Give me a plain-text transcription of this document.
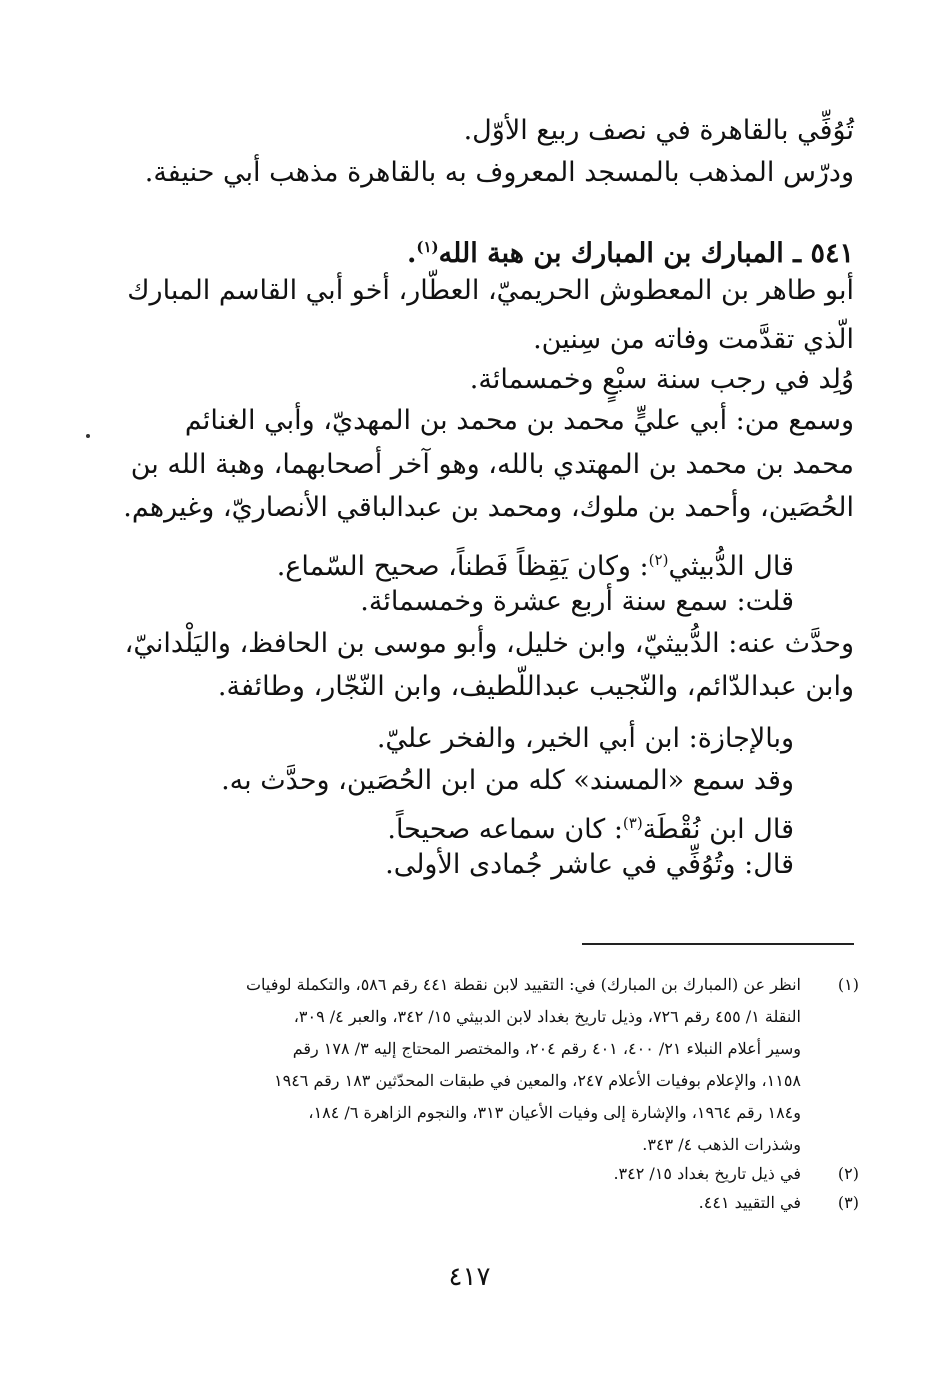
تُوُفِّي بالقاهرة في نصف ربيع الأوّل.
ودرّس المذهب بالمسجد المعروف به بالقاهرة مذهب أبي حنيفة.
٥٤١ ـ المبارك بن المبارك بن هبة الله$^{(١)}$.
أبو طاهر بن المعطوش الحريميّ، العطّار، أخو أبي القاسم المبارك
الّذي تقدَّمت وفاته من سِنين.
وُلِد في رجب سنة سبْعٍ وخمسمائة.
وسمع من: أبي عليٍّ محمد بن محمد بن المهديّ، وأبي الغنائم
محمد بن محمد بن المهتدي بالله، وهو آخر أصحابهما، وهبة الله بن
الحُصَين، وأحمد بن ملوك، ومحمد بن عبدالباقي الأنصاريّ، وغيرهم.
قال الدُّبيثي$^{(٢)}$: وكان يَقِظاً فَطناً، صحيح السّماع.
قلت: سمع سنة أربع عشرة وخمسمائة.
وحدَّث عنه: الدُّبيثيّ، وابن خليل، وأبو موسى بن الحافظ، واليَلْدانيّ،
وابن عبدالدّائم، والنّجيب عبداللّطيف، وابن النّجّار، وطائفة.
وبالإجازة: ابن أبي الخير، والفخر عليّ.
وقد سمع «المسند» كله من ابن الحُصَين، وحدَّث به.
قال ابن نُقْطَة$^{(٣)}$: كان سماعه صحيحاً.
قال: وتُوُفِّي في عاشر جُمادى الأولى.
(١)
انظر عن (المبارك بن المبارك) في: التقييد لابن نقطة ٤٤١ رقم ٥٨٦، والتكملة لوفيات
النقلة ١/ ٤٥٥ رقم ٧٢٦، وذيل تاريخ بغداد لابن الدبيثي ١٥/ ٣٤٢، والعبر ٤/ ٣٠٩،
وسير أعلام النبلاء ٢١/ ٤٠٠، ٤٠١ رقم ٢٠٤، والمختصر المحتاج إليه ٣/ ١٧٨ رقم
١١٥٨، والإعلام بوفيات الأعلام ٢٤٧، والمعين في طبقات المحدّثين ١٨٣ رقم ١٩٤٦
و١٨٤ رقم ١٩٦٤، والإشارة إلى وفيات الأعيان ٣١٣، والنجوم الزاهرة ٦/ ١٨٤،
وشذرات الذهب ٤/ ٣٤٣.
(٢)
في ذيل تاريخ بغداد ١٥/ ٣٤٢.
(٣)
في التقييد ٤٤١.
٤١٧
